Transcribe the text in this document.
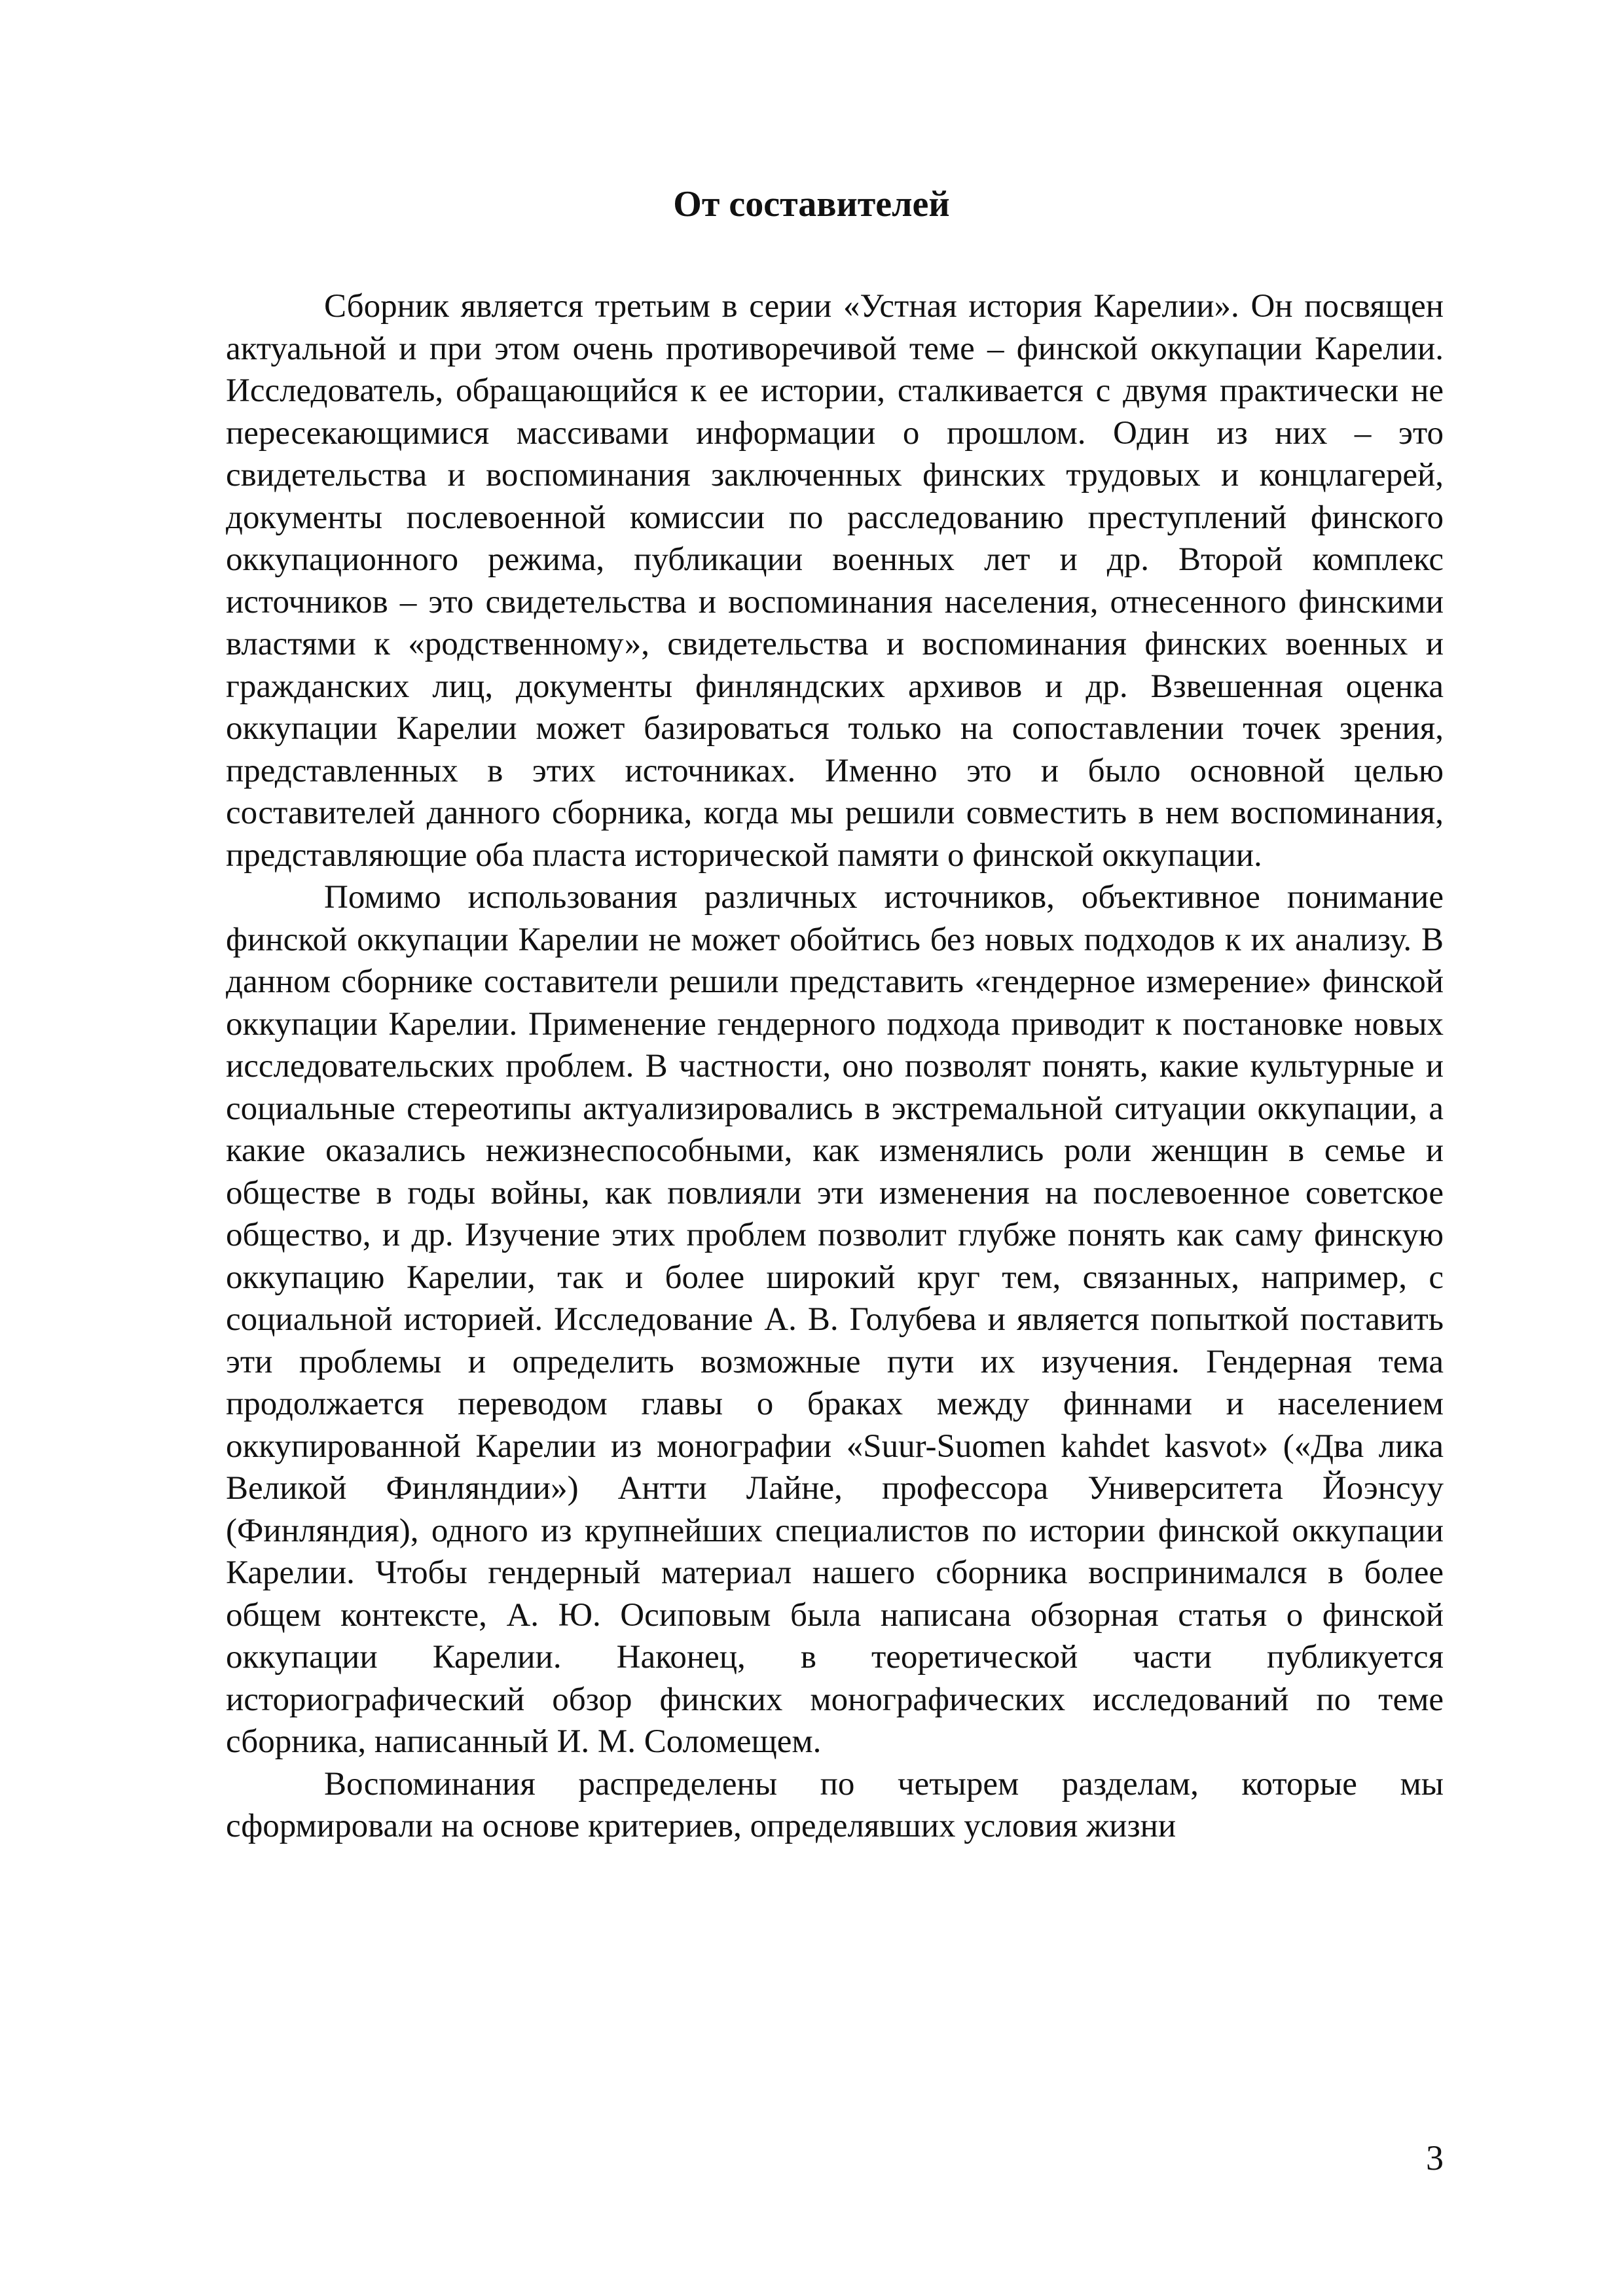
От составителей

Сборник является третьим в серии «Устная история Карелии». Он посвящен актуальной и при этом очень противоречивой теме – финской оккупации Карелии. Исследователь, обращающийся к ее истории, сталкивается с двумя практически не пересекающимися массивами информации о прошлом. Один из них – это свидетельства и воспоминания заключенных финских трудовых и концлагерей, документы послевоенной комиссии по расследованию преступлений финского оккупационного режима, публикации военных лет и др. Второй комплекс источников – это свидетельства и воспоминания населения, отнесенного финскими властями к «родственному», свидетельства и воспоминания финских военных и гражданских лиц, документы финляндских архивов и др. Взвешенная оценка оккупации Карелии может базироваться только на сопоставлении точек зрения, представленных в этих источниках. Именно это и было основной целью составителей данного сборника, когда мы решили совместить в нем воспоминания, представляющие оба пласта исторической памяти о финской оккупации.

Помимо использования различных источников, объективное понимание финской оккупации Карелии не может обойтись без новых подходов к их анализу. В данном сборнике составители решили представить «гендерное измерение» финской оккупации Карелии. Применение гендерного подхода приводит к постановке новых исследовательских проблем. В частности, оно позволят понять, какие культурные и социальные стереотипы актуализировались в экстремальной ситуации оккупации, а какие оказались нежизнеспособными, как изменялись роли женщин в семье и обществе в годы войны, как повлияли эти изменения на послевоенное советское общество, и др. Изучение этих проблем позволит глубже понять как саму финскую оккупацию Карелии, так и более широкий круг тем, связанных, например, с социальной историей. Исследование А. В. Голубева и является попыткой поставить эти проблемы и определить возможные пути их изучения. Гендерная тема продолжается переводом главы о браках между финнами и населением оккупированной Карелии из монографии «Suur-Suomen kahdet kasvot» («Два лика Великой Финляндии») Антти Лайне, профессора Университета Йоэнсуу (Финляндия), одного из крупнейших специалистов по истории финской оккупации Карелии. Чтобы гендерный материал нашего сборника воспринимался в более общем контексте, А. Ю. Осиповым была написана обзорная статья о финской оккупации Карелии. Наконец, в теоретической части публикуется историографический обзор финских монографических исследований по теме сборника, написанный И. М. Соломещем.

Воспоминания распределены по четырем разделам, которые мы сформировали на основе критериев, определявших условия жизни

3
